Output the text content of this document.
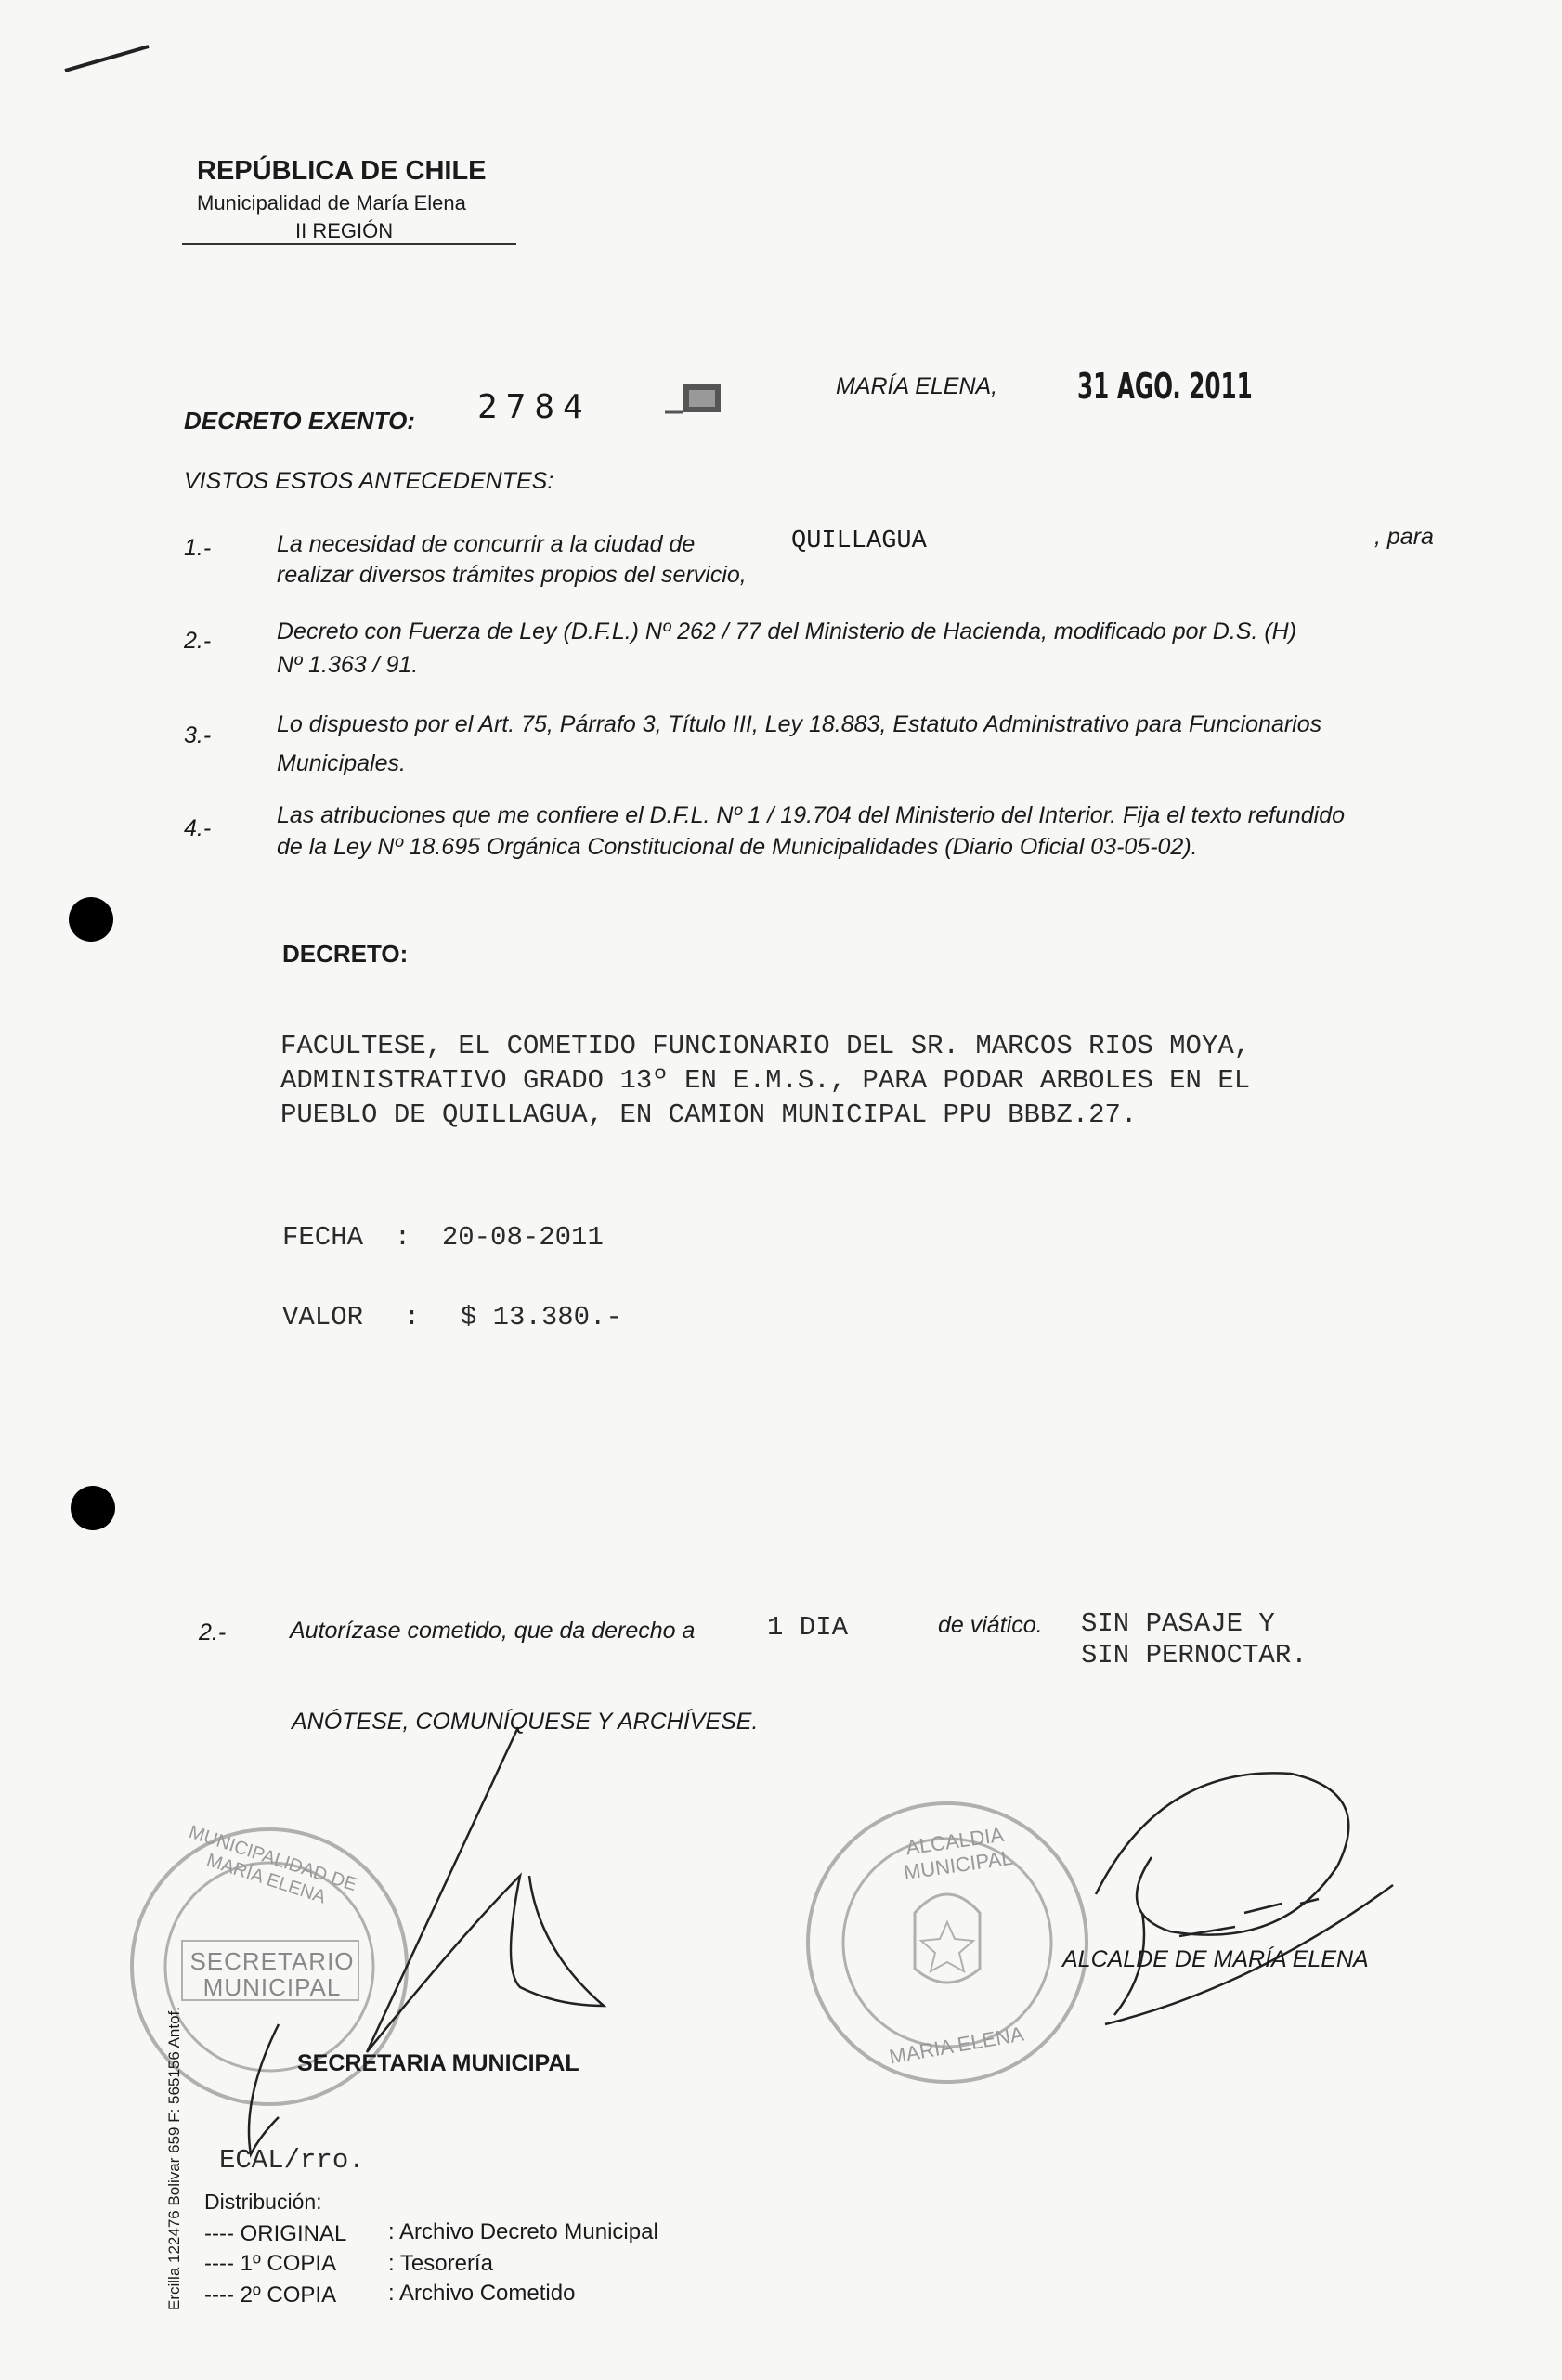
REPÚBLICA DE CHILE
Municipalidad de María Elena
II REGIÓN
DECRETO EXENTO: 2784
MARÍA ELENA, 31 AGO. 2011
VISTOS ESTOS ANTECEDENTES:
1.-	La necesidad de concurrir a la ciudad de	QUILLAGUA	, para
realizar diversos trámites propios del servicio,
2.-	Decreto con Fuerza de Ley (D.F.L.) Nº 262 / 77 del Ministerio de Hacienda, modificado por D.S. (H)
Nº 1.363 / 91.
3.-	Lo dispuesto por el Art. 75, Párrafo 3, Título III, Ley 18.883, Estatuto Administrativo para Funcionarios
Municipales.
4.-	Las atribuciones que me confiere el D.F.L. Nº 1 / 19.704 del Ministerio del Interior. Fija el texto refundido
de la Ley Nº 18.695 Orgánica Constitucional de Municipalidades (Diario Oficial 03-05-02).
DECRETO:
FACULTESE, EL COMETIDO FUNCIONARIO DEL SR. MARCOS RIOS MOYA,
ADMINISTRATIVO GRADO 13º EN E.M.S., PARA PODAR ARBOLES EN EL
PUEBLO DE QUILLAGUA, EN CAMION MUNICIPAL PPU BBBZ.27.
FECHA : 20-08-2011
VALOR : $ 13.380.-
2.-	Autorízase cometido, que da derecho a	1 DIA	de viático. SIN PASAJE Y
SIN PERNOCTAR.
ANÓTESE, COMUNÍQUESE Y ARCHÍVESE.
SECRETARIO
MUNICIPAL
MUNICIPALIDAD DE MARÍA ELENA
ALCALDIA MUNICIPAL
MARIA ELENA
SECRETARIA MUNICIPAL
ALCALDE DE MARÍA ELENA
ECAL/rro.
Distribución:
---- ORIGINAL : Archivo Decreto Municipal
---- 1º COPIA : Tesorería
---- 2º COPIA : Archivo Cometido
Ercilla 122476 Bolivar 659 F: 565156 Antof.
